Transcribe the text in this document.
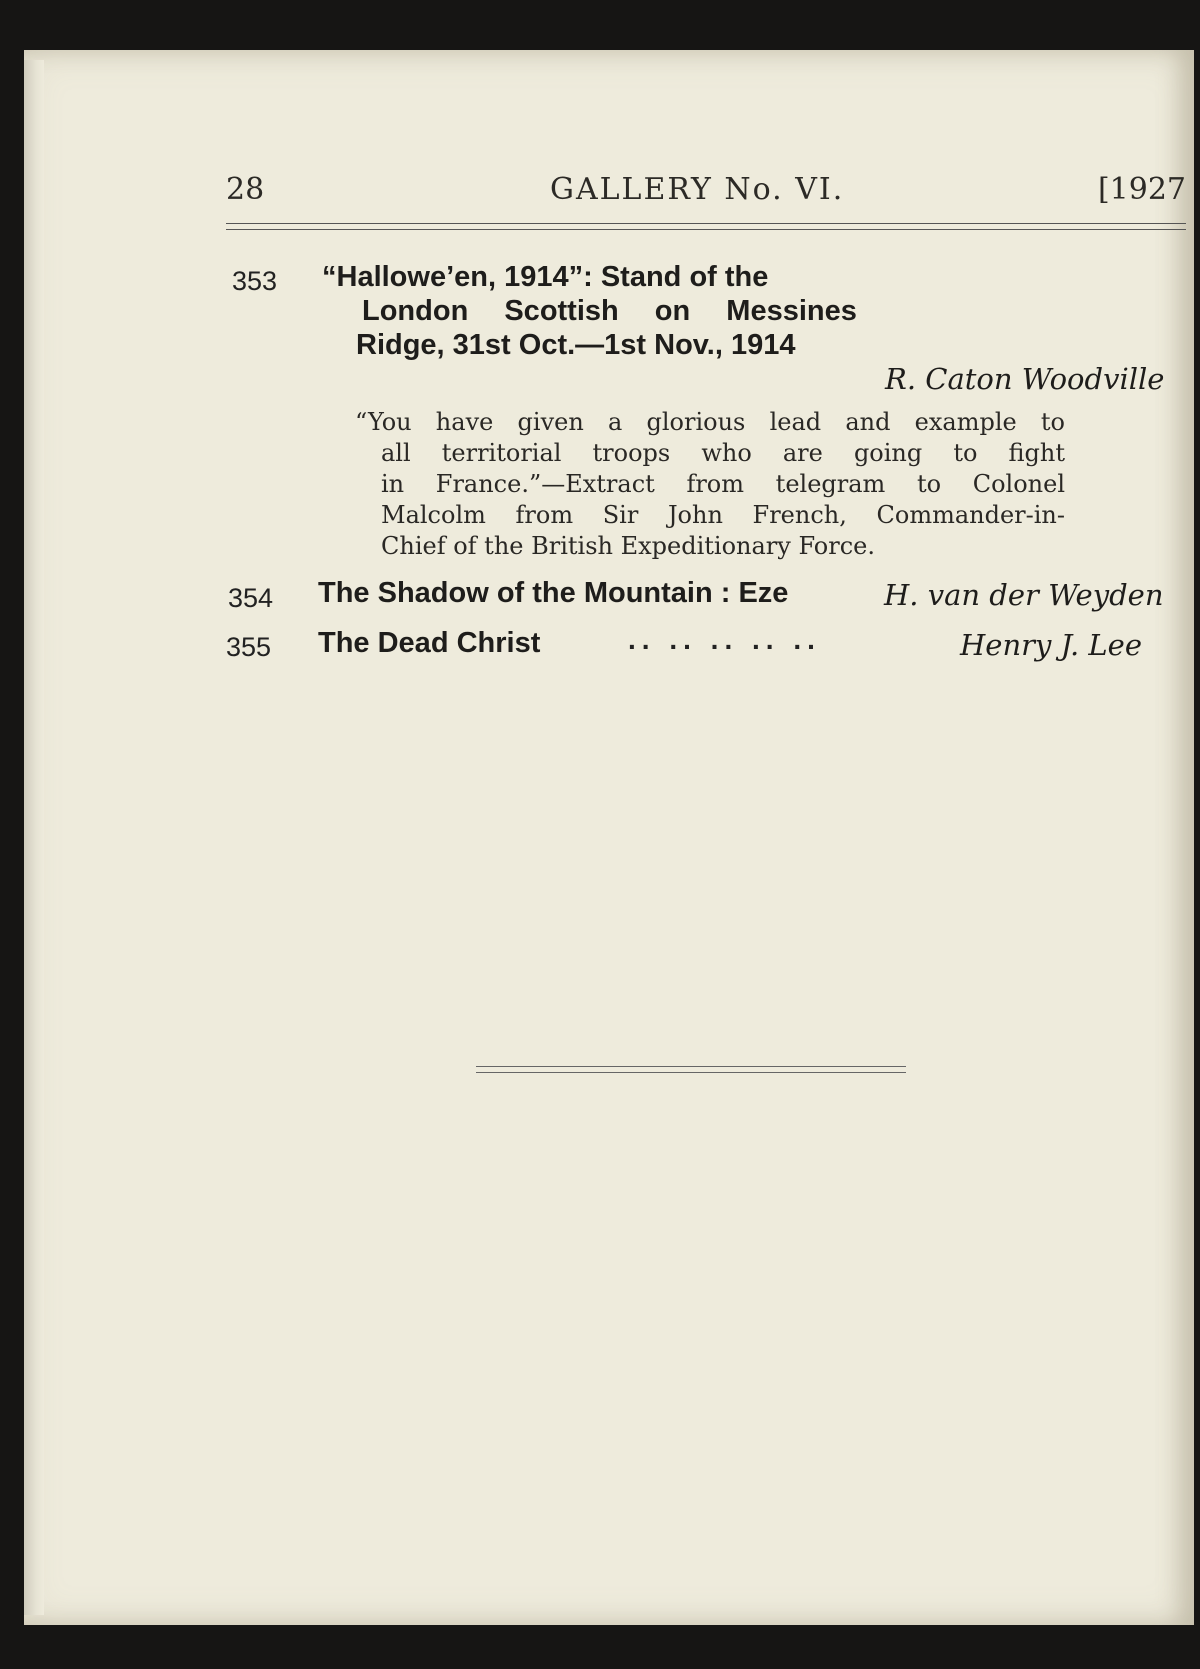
28	GALLERY No. VI.	[1927
353 “Hallowe’en, 1914”: Stand of the
London Scottish on Messines
Ridge, 31st Oct.—1st Nov., 1914
R. Caton Woodville
“You have given a glorious lead and example to
all territorial troops who are going to fight
in France.”—Extract from telegram to Colonel
Malcolm from Sir John French, Commander-in-
Chief of the British Expeditionary Force.
354 The Shadow of the Mountain : Eze	H. van der Weyden
355 The Dead Christ	.. .. .. .. ..	Henry J. Lee
